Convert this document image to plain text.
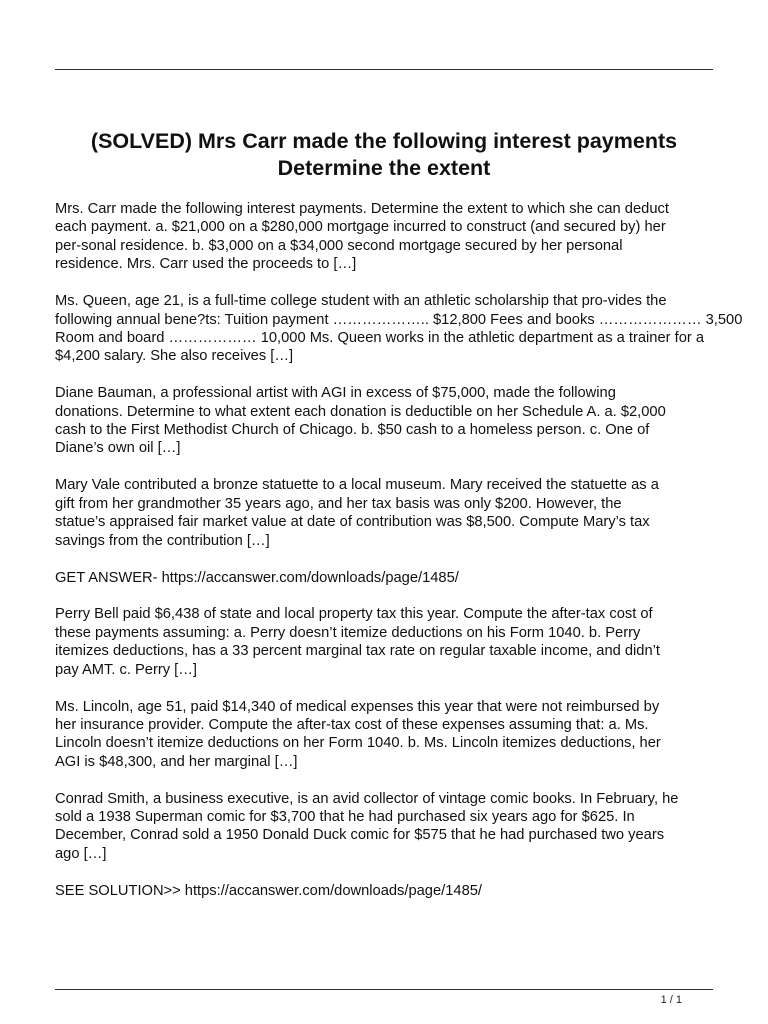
(SOLVED) Mrs Carr made the following interest payments
Determine the extent

Mrs. Carr made the following interest payments. Determine the extent to which she can deduct
each payment. a. $21,000 on a $280,000 mortgage incurred to construct (and secured by) her
per-sonal residence. b. $3,000 on a $34,000 second mortgage secured by her personal
residence. Mrs. Carr used the proceeds to […]

Ms. Queen, age 21, is a full-time college student with an athletic scholarship that pro-vides the
following annual bene?ts: Tuition payment ……………….. $12,800 Fees and books ………………… 3,500
Room and board ……………… 10,000 Ms. Queen works in the athletic department as a trainer for a
$4,200 salary. She also receives […]

Diane Bauman, a professional artist with AGI in excess of $75,000, made the following
donations. Determine to what extent each donation is deductible on her Schedule A. a. $2,000
cash to the First Methodist Church of Chicago. b. $50 cash to a homeless person. c. One of
Diane’s own oil […]

Mary Vale contributed a bronze statuette to a local museum. Mary received the statuette as a
gift from her grandmother 35 years ago, and her tax basis was only $200. However, the
statue’s appraised fair market value at date of contribution was $8,500. Compute Mary’s tax
savings from the contribution […]

GET ANSWER- https://accanswer.com/downloads/page/1485/

Perry Bell paid $6,438 of state and local property tax this year. Compute the after-tax cost of
these payments assuming: a. Perry doesn’t itemize deductions on his Form 1040. b. Perry
itemizes deductions, has a 33 percent marginal tax rate on regular taxable income, and didn’t
pay AMT. c. Perry […]

Ms. Lincoln, age 51, paid $14,340 of medical expenses this year that were not reimbursed by
her insurance provider. Compute the after-tax cost of these expenses assuming that: a. Ms.
Lincoln doesn’t itemize deductions on her Form 1040. b. Ms. Lincoln itemizes deductions, her
AGI is $48,300, and her marginal […]

Conrad Smith, a business executive, is an avid collector of vintage comic books. In February, he
sold a 1938 Superman comic for $3,700 that he had purchased six years ago for $625. In
December, Conrad sold a 1950 Donald Duck comic for $575 that he had purchased two years
ago […]

SEE SOLUTION>> https://accanswer.com/downloads/page/1485/

1 / 1
